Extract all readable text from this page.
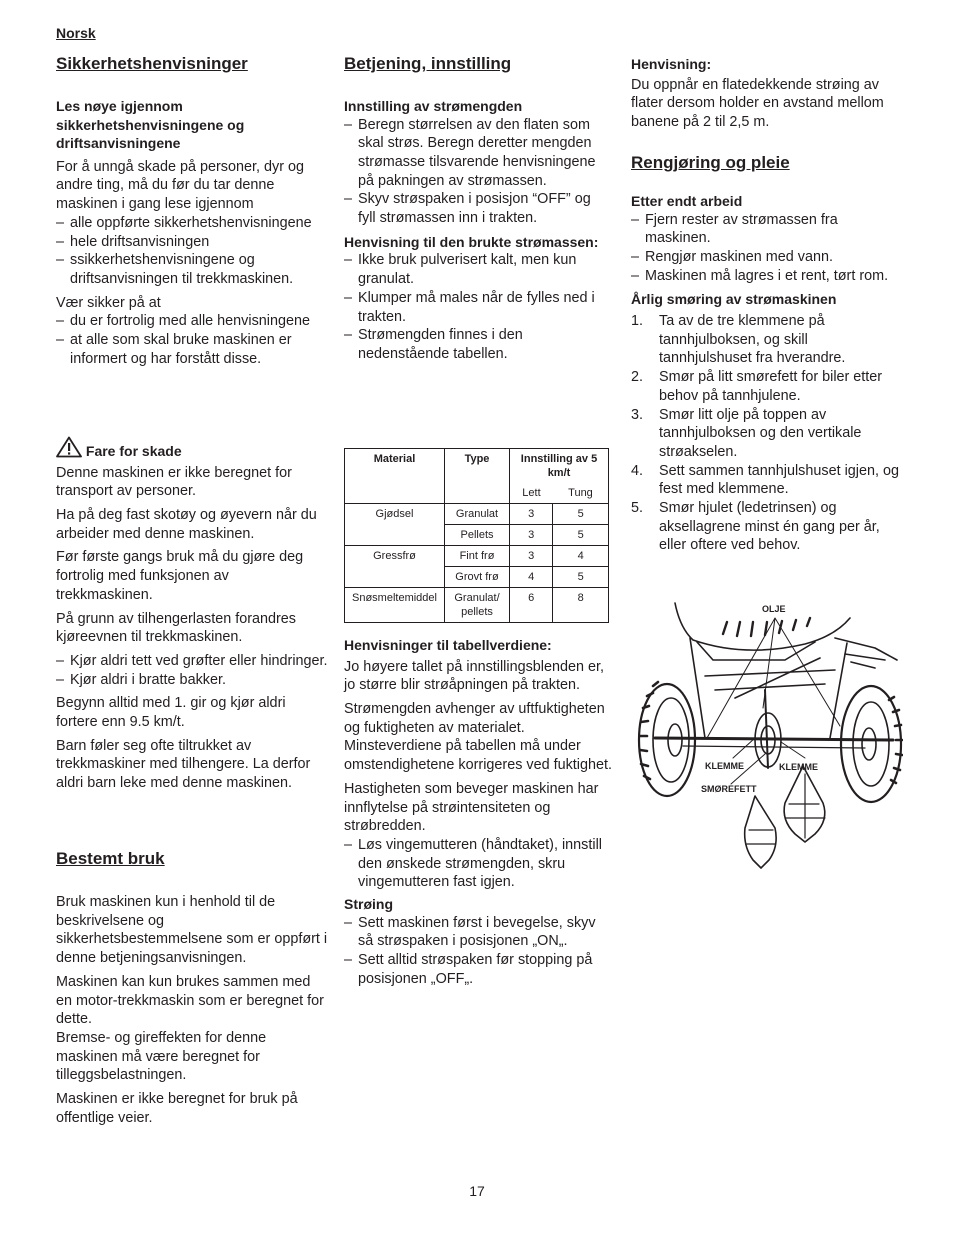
Norsk
Sikkerhetshenvisninger

Les nøye igjennom sikkerhetshenvisningene og driftsanvisningene

For å unngå skade på personer, dyr og

andre ting, må du før du tar denne maskinen i gang lese igjennom

– alle oppførte sikkerhetshenvisningene
– hele driftsanvisningen
– ssikkerhetshenvisningene og driftsanvisningen til trekkmaskinen.

Vær sikker på at

– du er fortrolig med alle henvisningene
– at alle som skal bruke maskinen er informert og har forstått disse.

Fare for skade

Denne maskinen er ikke beregnet for transport av personer.

Ha på deg fast skotøy og øyevern når du arbeider med denne maskinen.

Før første gangs bruk må du gjøre deg fortrolig med funksjonen av trekkmaskinen.

På grunn av tilhengerlasten forandres kjøreevnen til trekkmaskinen.

– Kjør aldri tett ved grøfter eller hindringer.
– Kjør aldri i bratte bakker.

Begynn alltid med 1. gir og kjør aldri fortere enn 9.5 km/t.

Barn føler seg ofte tiltrukket av trekkmaskiner med tilhengere. La derfor aldri barn leke med denne maskinen.

Bestemt bruk

Bruk maskinen kun i henhold til de beskrivelsene og sikkerhetsbestemmelsene som er oppført i denne betjeningsanvisningen.

Maskinen kan kun brukes sammen med en motor-trekkmaskin som er beregnet for dette.

Bremse- og gireffekten for denne maskinen må være beregnet for tilleggsbelastningen.

Maskinen er ikke beregnet for bruk på offentlige veier.

Betjening, innstilling

Innstilling av strømengden

– Beregn størrelsen av den flaten som skal strøs. Beregn deretter mengden strømasse tilsvarende henvisningene på pakningen av strømassen.
– Skyv strøspaken i posisjon “OFF” og fyll strømassen inn i trakten.

Henvisning til den brukte strømassen:

– Ikke bruk pulverisert kalt, men kun granulat.
– Klumper må males når de fylles ned i trakten.
– Strømengden finnes i den nedenstående tabellen.
Material	Type	Innstilling av 5 km/t	
		Lett	Tung
Gjødsel	Granulat	3	5
	Pellets	3	5
Gressfrø	Fint frø	3	4
	Grovt frø	4	5
Snøsmeltemiddel	Granulat/ pellets	6	8

Henvisninger til tabellverdiene:

Jo høyere tallet på innstillingsblenden er, jo større blir strøåpningen på trakten.

Strømengden avhenger av uftfuktigheten og fuktigheten av materialet. Minsteverdiene på tabellen må under omstendighetene korrigeres ved fuktighet.

Hastigheten som beveger maskinen har innflytelse på strøintensiteten og strøbredden.

– Løs vingemutteren (håndtaket), innstill den ønskede strømengden, skru vingemutteren fast igjen.

Strøing

– Sett maskinen først i bevegelse, skyv så strøspaken i posisjonen „ON„.
– Sett alltid strøspaken før stopping på posisjonen „OFF„.

Henvisning:

Du oppnår en flatedekkende strøing av flater dersom holder en avstand mellom banene på 2 til 2,5 m.

Rengjøring og pleie

Etter endt arbeid

– Fjern rester av strømassen fra maskinen.
– Rengjør maskinen med vann.
– Maskinen må lagres i et rent, tørt rom.

Årlig smøring av strømaskinen

1. Ta av de tre klemmene på tannhjulboksen, og skill tannhjulshuset fra hverandre.
2. Smør på litt smørefett for biler etter behov på tannhjulene.
3. Smør litt olje på toppen av tannhjulboksen og den vertikale strøakselen.
4. Sett sammen tannhjulshuset igjen, og fest med klemmene.
5. Smør hjulet (ledetrinsen) og aksellagrene minst én gang per år, eller oftere ved behov.
OLJE
KLEMME	KLEMME
SMØREFETT
17
